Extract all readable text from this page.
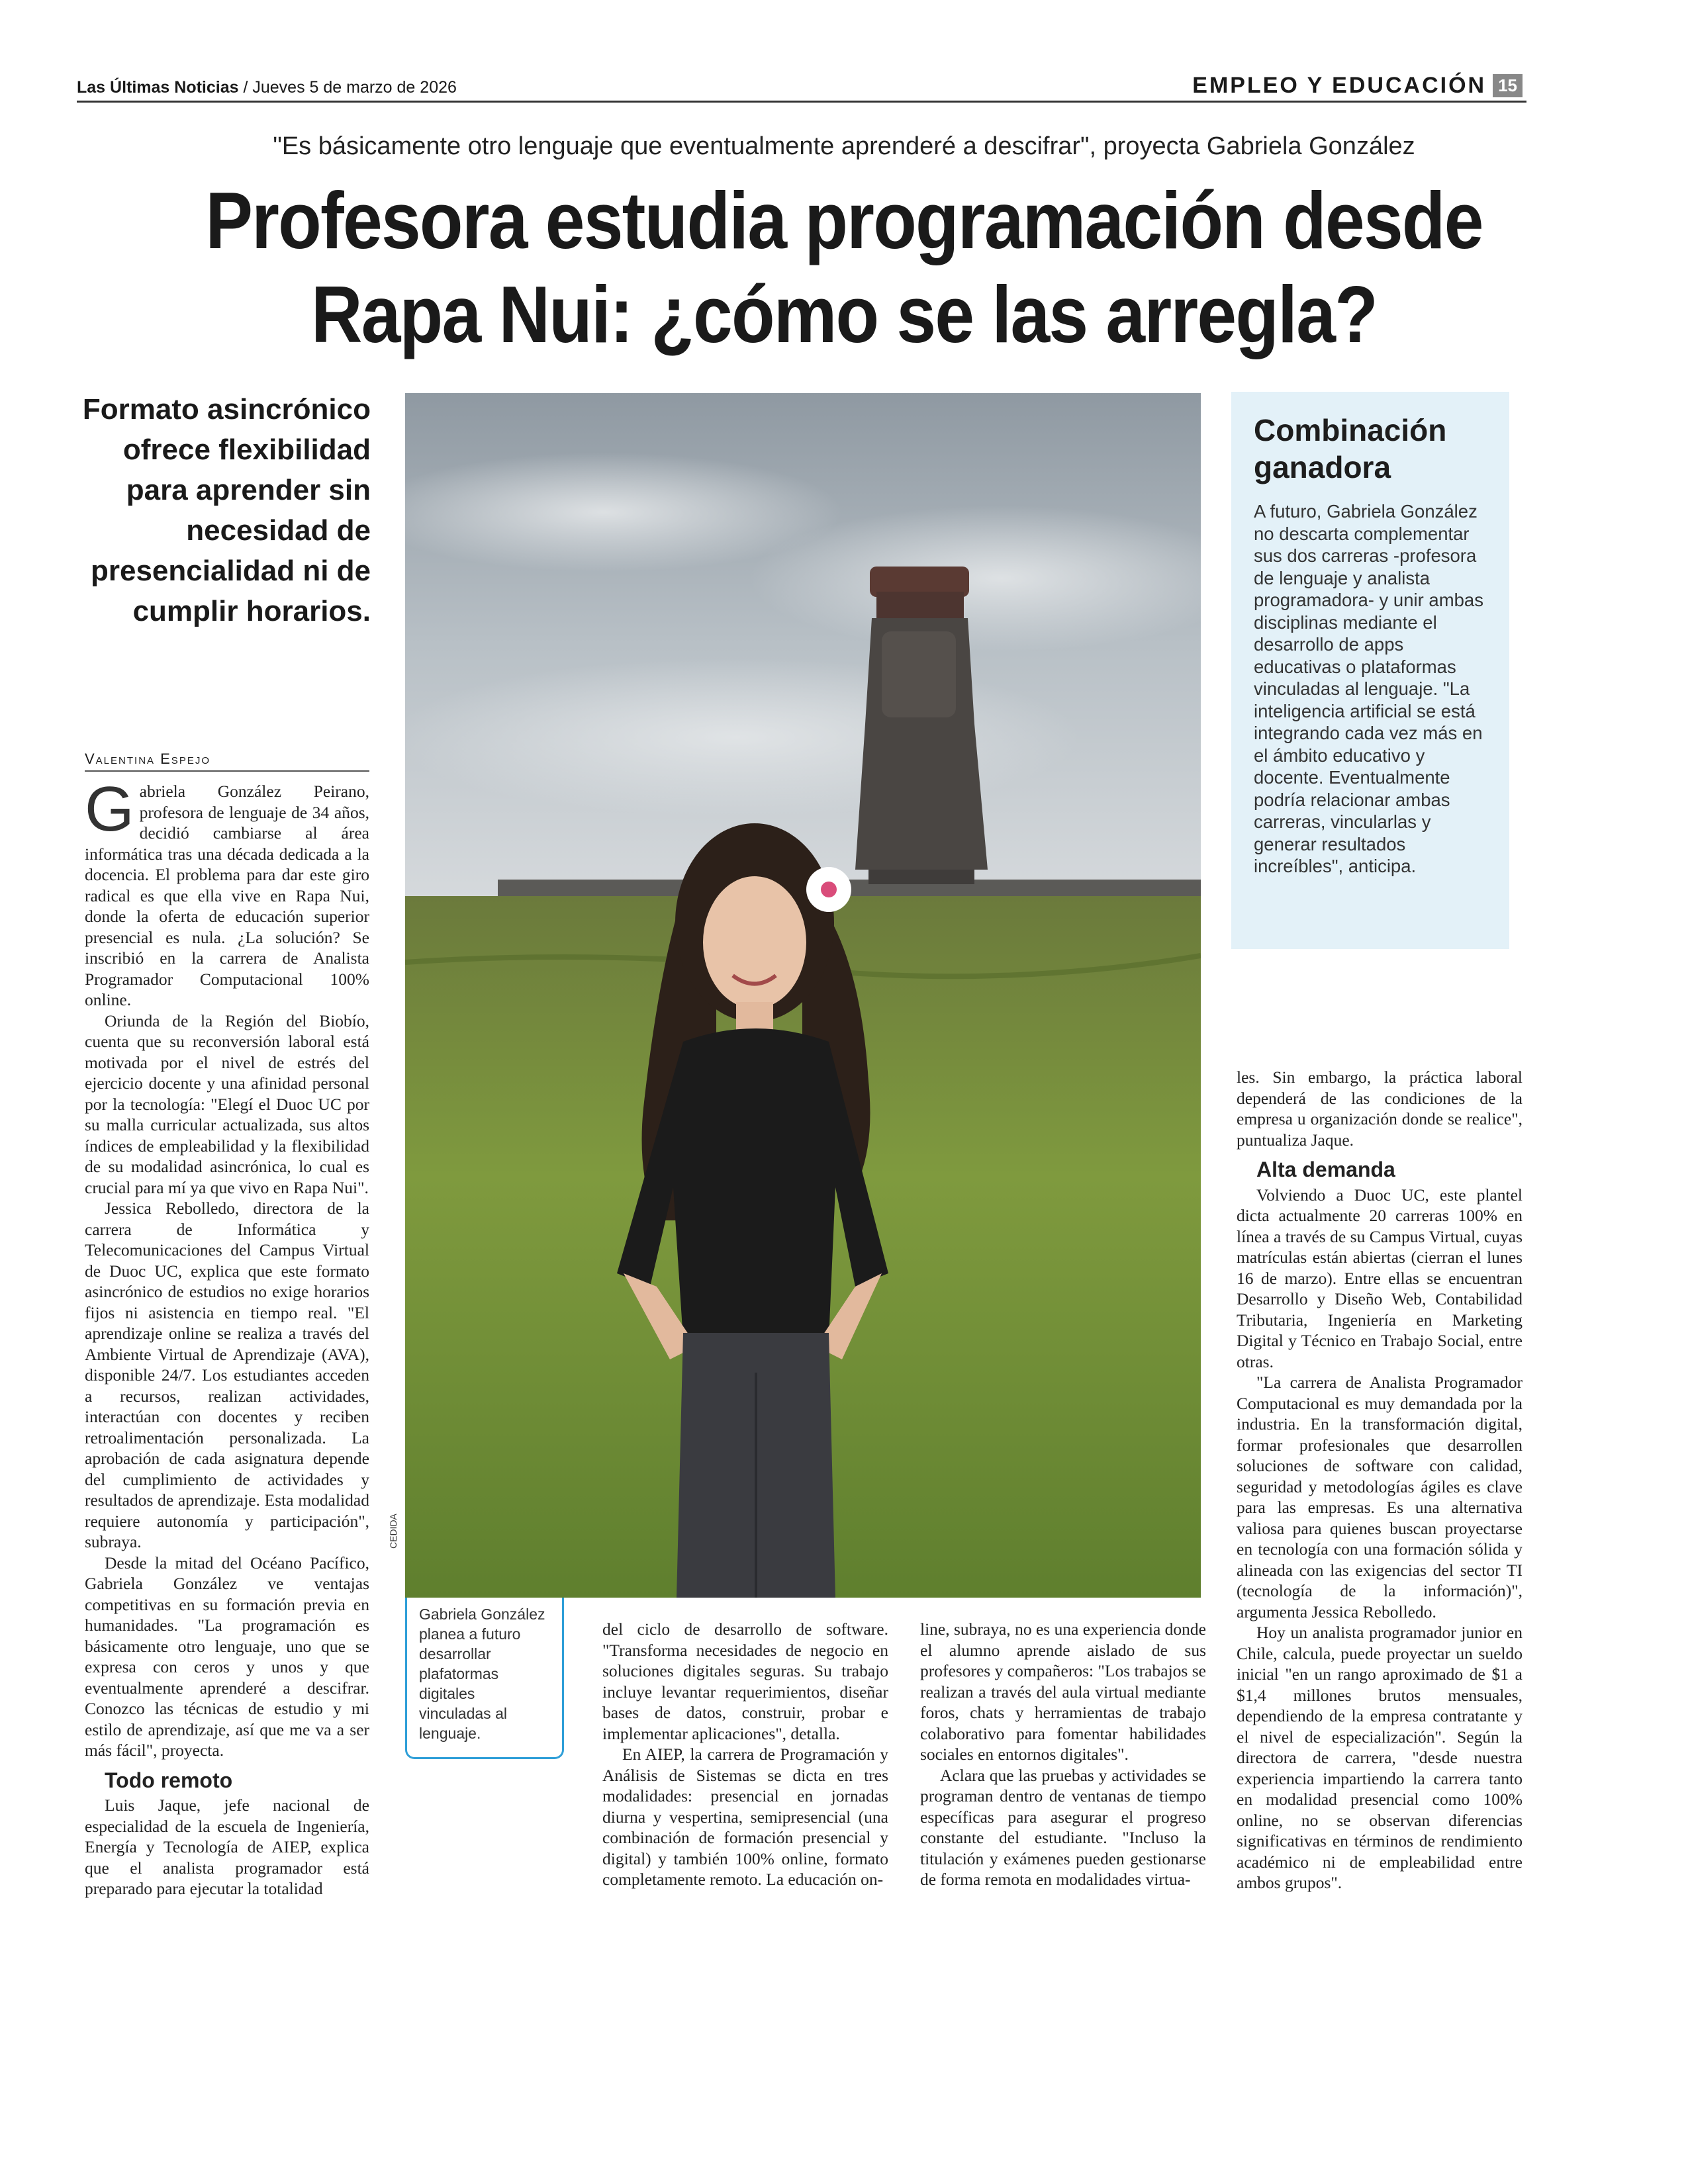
Las Últimas Noticias / Jueves 5 de marzo de 2026	EMPLEO Y EDUCACIÓN 15
"Es básicamente otro lenguaje que eventualmente aprenderé a descifrar", proyecta Gabriela González
Profesora estudia programación desde
Rapa Nui: ¿cómo se las arregla?
Formato asincrónico ofrece flexibilidad para aprender sin necesidad de presencialidad ni de cumplir horarios.
Valentina Espejo

Gabriela González Peirano, profesora de lenguaje de 34 años, decidió cambiarse al área informática tras una década dedicada a la docencia. El problema para dar este giro radical es que ella vive en Rapa Nui, donde la oferta de educación superior presencial es nula. ¿La solución? Se inscribió en la carrera de Analista Programador Computacional 100% online.

Oriunda de la Región del Biobío, cuenta que su reconversión laboral está motivada por el nivel de estrés del ejercicio docente y una afinidad personal por la tecnología: "Elegí el Duoc UC por su malla curricular actualizada, sus altos índices de empleabilidad y la flexibilidad de su modalidad asincrónica, lo cual es crucial para mí ya que vivo en Rapa Nui".

Jessica Rebolledo, directora de la carrera de Informática y Telecomunicaciones del Campus Virtual de Duoc UC, explica que este formato asincrónico de estudios no exige horarios fijos ni asistencia en tiempo real. "El aprendizaje online se realiza a través del Ambiente Virtual de Aprendizaje (AVA), disponible 24/7. Los estudiantes acceden a recursos, realizan actividades, interactúan con docentes y reciben retroalimentación personalizada. La aprobación de cada asignatura depende del cumplimiento de actividades y resultados de aprendizaje. Esta modalidad requiere autonomía y participación", subraya.

Desde la mitad del Océano Pacífico, Gabriela González ve ventajas competitivas en su formación previa en humanidades. "La programación es básicamente otro lenguaje, uno que se expresa con ceros y unos y que eventualmente aprenderé a descifrar. Conozco las técnicas de estudio y mi estilo de aprendizaje, así que me va a ser más fácil", proyecta.

Todo remoto

Luis Jaque, jefe nacional de especialidad de la escuela de Ingeniería, Energía y Tecnología de AIEP, explica que el analista programador está preparado para ejecutar la totalidad

CEDIDA
Gabriela González planea a futuro desarrollar plafatormas digitales vinculadas al lenguaje.
Combinación ganadora

A futuro, Gabriela González no descarta complementar sus dos carreras -profesora de lenguaje y analista programadora- y unir ambas disciplinas mediante el desarrollo de apps educativas o plataformas vinculadas al lenguaje. "La inteligencia artificial se está integrando cada vez más en el ámbito educativo y docente. Eventualmente podría relacionar ambas carreras, vincularlas y generar resultados increíbles", anticipa.

del ciclo de desarrollo de software. "Transforma necesidades de negocio en soluciones digitales seguras. Su trabajo incluye levantar requerimientos, diseñar bases de datos, construir, probar e implementar aplicaciones", detalla.

En AIEP, la carrera de Programación y Análisis de Sistemas se dicta en tres modalidades: presencial en jornadas diurna y vespertina, semipresencial (una combinación de formación presencial y digital) y también 100% online, formato completamente remoto. La educación on-

line, subraya, no es una experiencia donde el alumno aprende aislado de sus profesores y compañeros: "Los trabajos se realizan a través del aula virtual mediante foros, chats y herramientas de trabajo colaborativo para fomentar habilidades sociales en entornos digitales".

Aclara que las pruebas y actividades se programan dentro de ventanas de tiempo específicas para asegurar el progreso constante del estudiante. "Incluso la titulación y exámenes pueden gestionarse de forma remota en modalidades virtua-

les. Sin embargo, la práctica laboral dependerá de las condiciones de la empresa u organización donde se realice", puntualiza Jaque.

Alta demanda

Volviendo a Duoc UC, este plantel dicta actualmente 20 carreras 100% en línea a través de su Campus Virtual, cuyas matrículas están abiertas (cierran el lunes 16 de marzo). Entre ellas se encuentran Desarrollo y Diseño Web, Contabilidad Tributaria, Ingeniería en Marketing Digital y Técnico en Trabajo Social, entre otras.

"La carrera de Analista Programador Computacional es muy demandada por la industria. En la transformación digital, formar profesionales que desarrollen soluciones de software con calidad, seguridad y metodologías ágiles es clave para las empresas. Es una alternativa valiosa para quienes buscan proyectarse en tecnología con una formación sólida y alineada con las exigencias del sector TI (tecnología de la información)", argumenta Jessica Rebolledo.

Hoy un analista programador junior en Chile, calcula, puede proyectar un sueldo inicial "en un rango aproximado de $1 a $1,4 millones brutos mensuales, dependiendo de la empresa contratante y el nivel de especialización". Según la directora de carrera, "desde nuestra experiencia impartiendo la carrera tanto en modalidad presencial como 100% online, no se observan diferencias significativas en términos de rendimiento académico ni de empleabilidad entre ambos grupos".
